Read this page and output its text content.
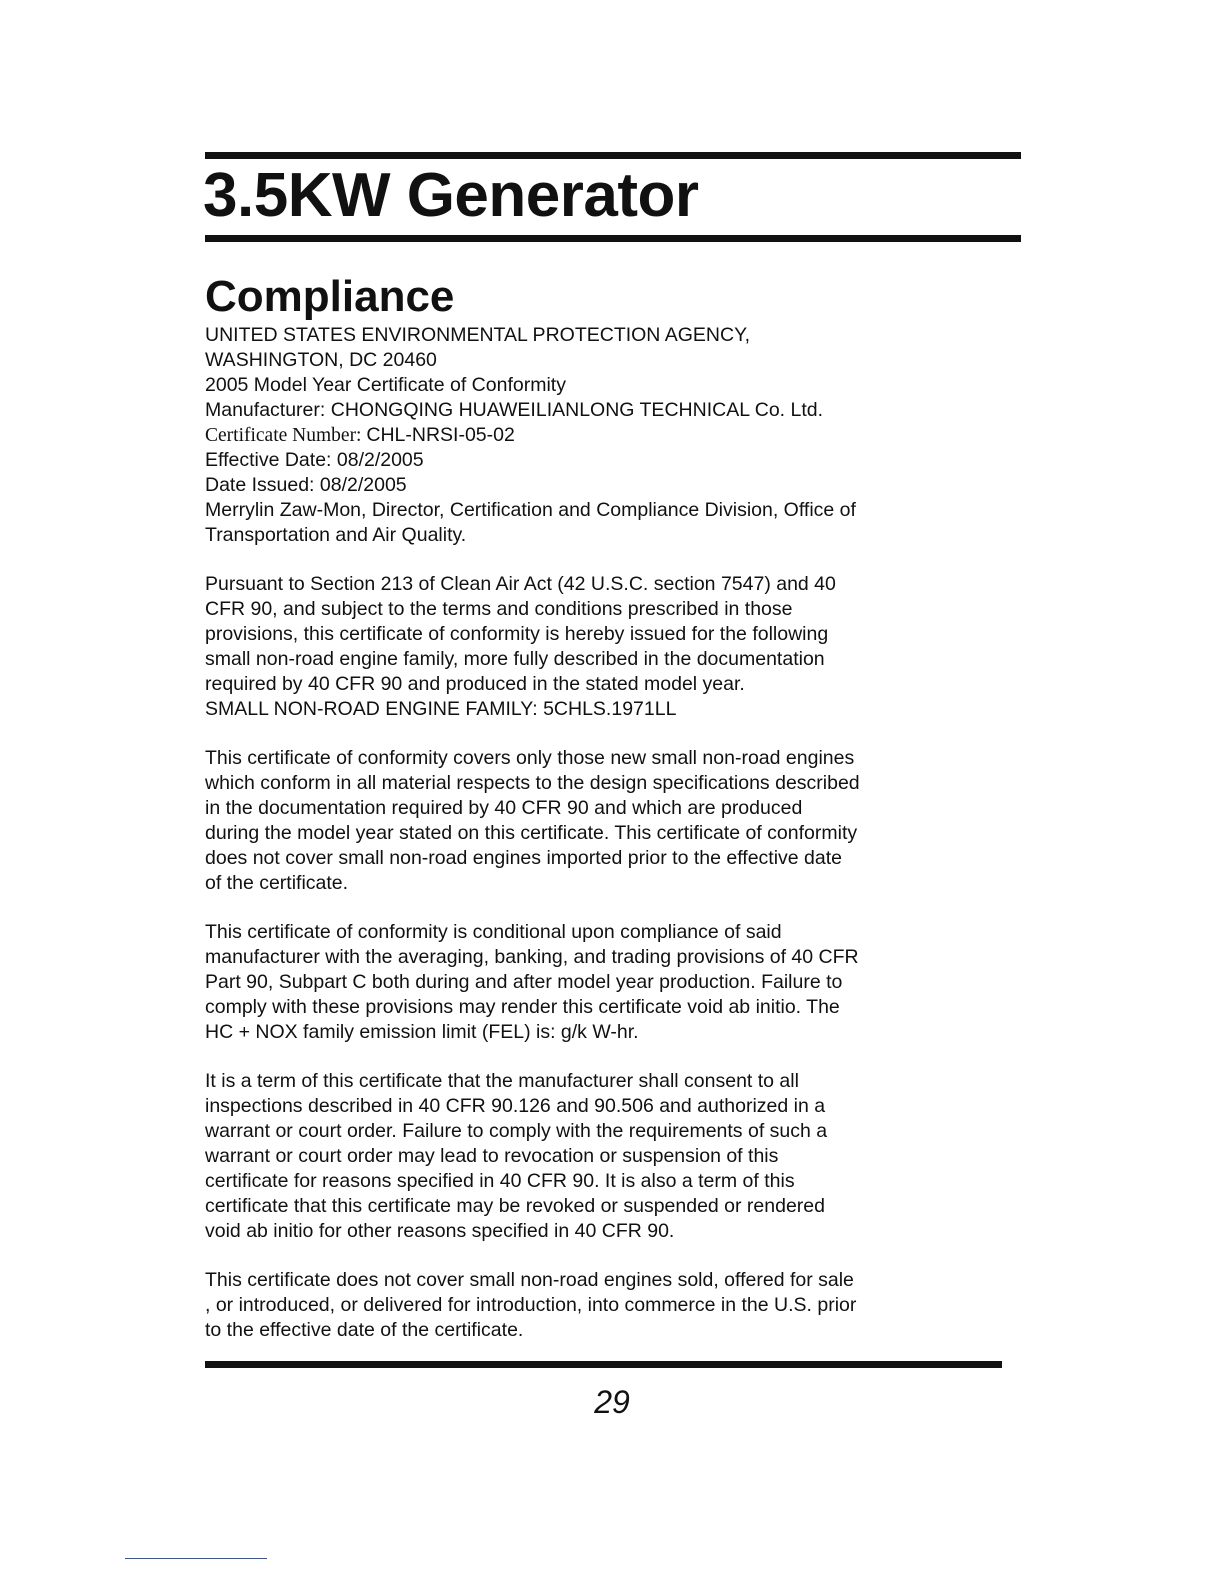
3.5KW Generator
Compliance
UNITED STATES ENVIRONMENTAL PROTECTION AGENCY,
WASHINGTON, DC 20460
2005 Model Year Certificate of Conformity
Manufacturer: CHONGQING HUAWEILIANLONG TECHNICAL Co. Ltd.
Certificate Number: CHL-NRSI-05-02
Effective Date: 08/2/2005
Date Issued: 08/2/2005
Merrylin Zaw-Mon, Director, Certification and Compliance Division, Office of
Transportation and Air Quality.
Pursuant to Section 213 of Clean Air Act (42 U.S.C. section 7547) and 40
CFR 90, and subject to the terms and conditions prescribed in those
provisions, this certificate of conformity is hereby issued for the following
small non-road engine family, more fully described in the documentation
required by 40 CFR 90 and produced in the stated model year.
SMALL NON-ROAD ENGINE FAMILY: 5CHLS.1971LL
This certificate of conformity covers only those new small non-road engines
which conform in all material respects to the design specifications described
in the documentation required by 40 CFR 90 and which are produced
during the model year stated on this certificate. This certificate of conformity
does not cover small non-road engines imported prior to the effective date
of the certificate.
This certificate of conformity is conditional upon compliance of said
manufacturer with the averaging, banking, and trading provisions of 40 CFR
Part 90, Subpart C both during and after model year production. Failure to
comply with these provisions may render this certificate void ab initio. The
HC + NOX family emission limit (FEL) is: g/k W-hr.
It is a term of this certificate that the manufacturer shall consent to all
inspections described in 40 CFR 90.126 and 90.506 and authorized in a
warrant or court order. Failure to comply with the requirements of such a
warrant or court order may lead to revocation or suspension of this
certificate for reasons specified in 40 CFR 90. It is also a term of this
certificate that this certificate may be revoked or suspended or rendered
void ab initio for other reasons specified in 40 CFR 90.
This certificate does not cover small non-road engines sold, offered for sale
, or introduced, or delivered for introduction, into commerce in the U.S. prior
to the effective date of the certificate.
29
